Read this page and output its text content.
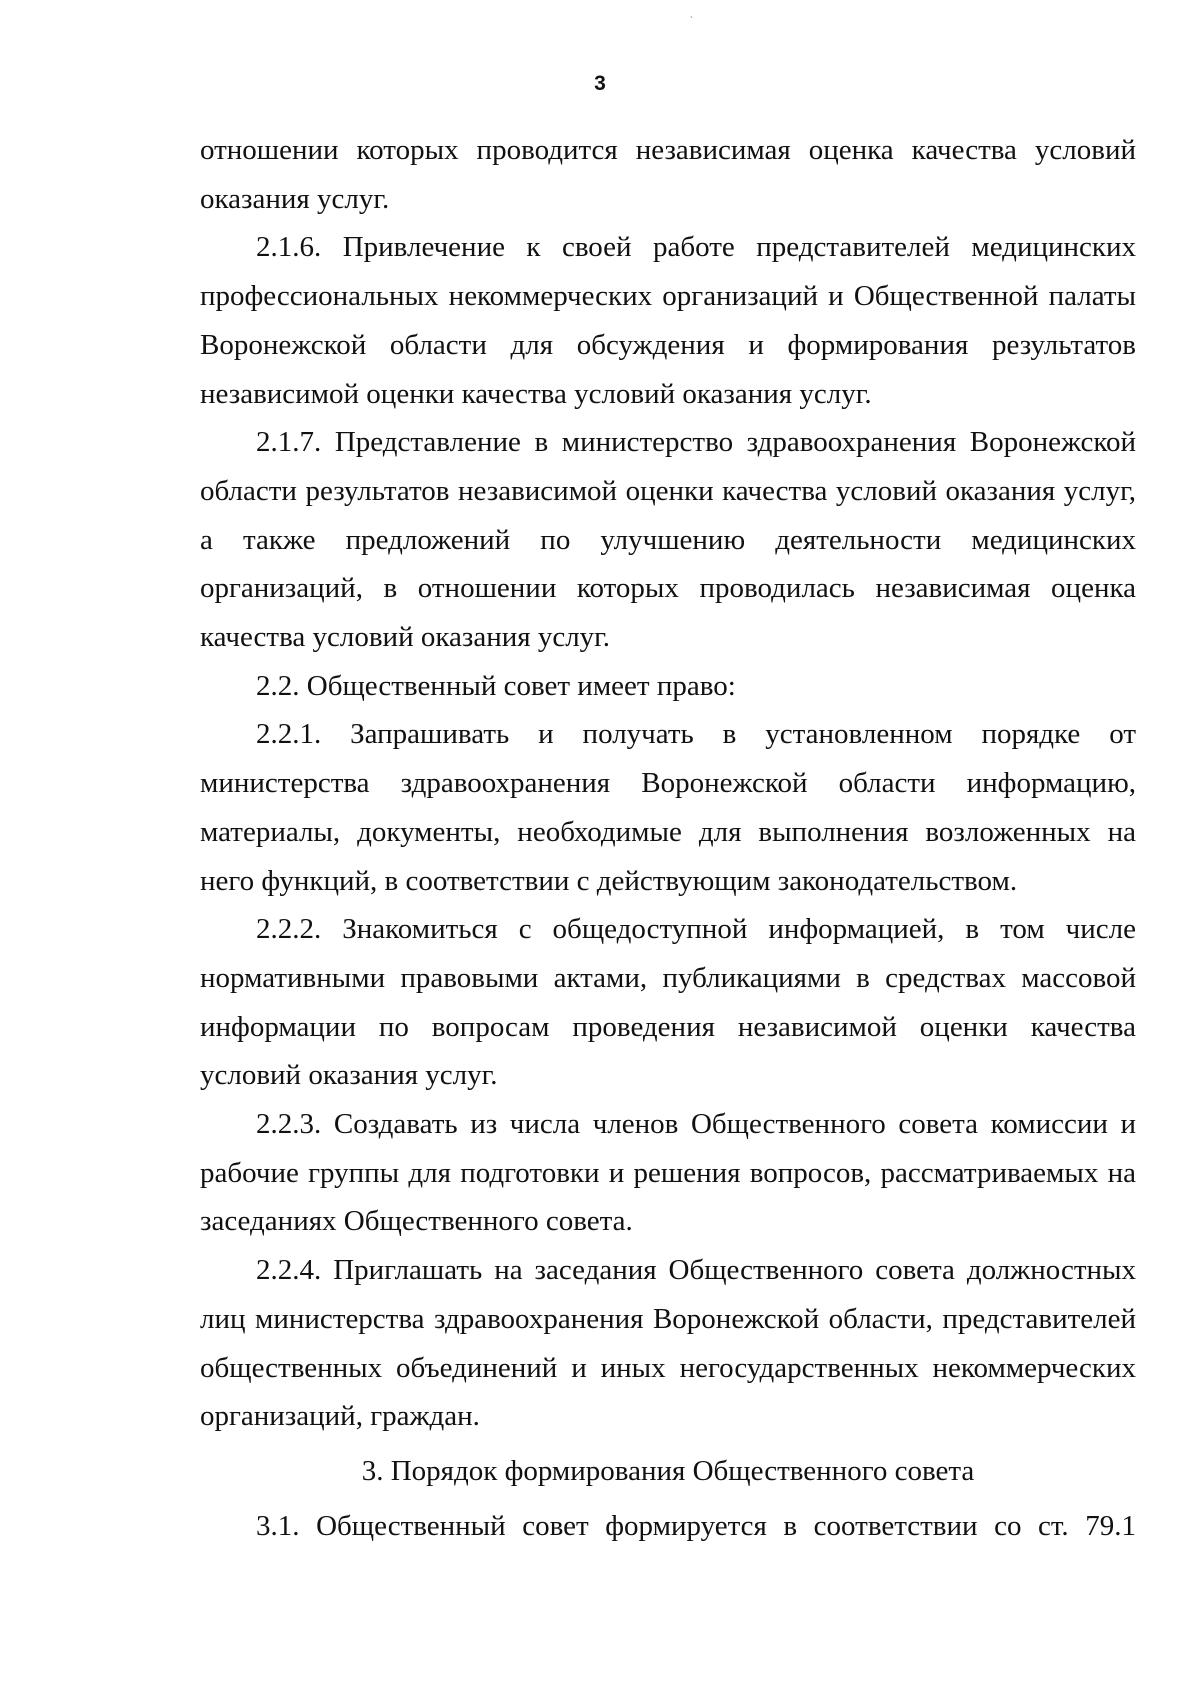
ˎ
3

отношении которых проводится независимая оценка качества условий оказания услуг.

2.1.6. Привлечение к своей работе представителей медицинских профессиональных некоммерческих организаций и Общественной палаты Воронежской области для обсуждения и формирования результатов независимой оценки качества условий оказания услуг.

2.1.7. Представление в министерство здравоохранения Воронежской области результатов независимой оценки качества условий оказания услуг, а также предложений по улучшению деятельности медицинских организаций, в отношении которых проводилась независимая оценка качества условий оказания услуг.

2.2. Общественный совет имеет право:

2.2.1. Запрашивать и получать в установленном порядке от министерства здравоохранения Воронежской области информацию, материалы, документы, необходимые для выполнения возложенных на него функций, в соответствии с действующим законодательством.

2.2.2. Знакомиться с общедоступной информацией, в том числе нормативными правовыми актами, публикациями в средствах массовой информации по вопросам проведения независимой оценки качества условий оказания услуг.

2.2.3. Создавать из числа членов Общественного совета комиссии и рабочие группы для подготовки и решения вопросов, рассматриваемых на заседаниях Общественного совета.

2.2.4. Приглашать на заседания Общественного совета должностных лиц министерства здравоохранения Воронежской области, представителей общественных объединений и иных негосударственных некоммерческих организаций, граждан.

3. Порядок формирования Общественного совета

3.1. Общественный совет формируется в соответствии со ст. 79.1
